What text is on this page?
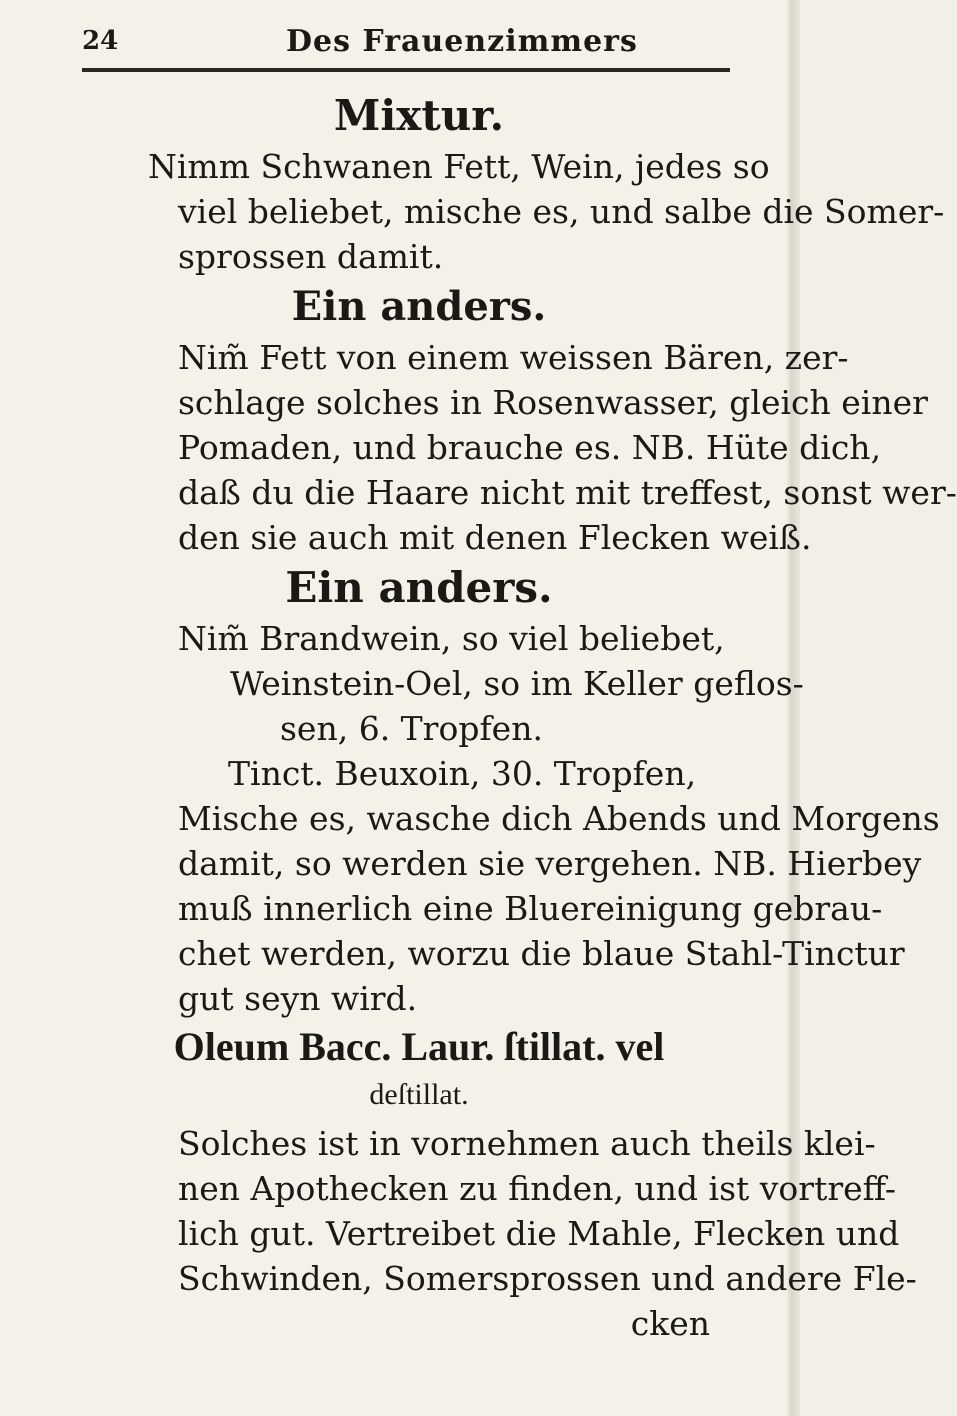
24	Des Frauenzimmers
Mixtur.

Nimm Schwanen Fett, Wein, jedes so
viel beliebet, mische es, und salbe die Somer-
sprossen damit.

Ein anders.

Nim̃ Fett von einem weissen Bären, zer-
schlage solches in Rosenwasser, gleich einer
Pomaden, und brauche es. NB. Hüte dich,
daß du die Haare nicht mit treffest, sonst wer-
den sie auch mit denen Flecken weiß.

Ein anders.

Nim̃ Brandwein, so viel beliebet,
Weinstein-Oel, so im Keller geflos-
sen, 6. Tropfen.
Tinct. Beuxoin, 30. Tropfen,
Mische es, wasche dich Abends und Morgens
damit, so werden sie vergehen. NB. Hierbey
muß innerlich eine Bluereinigung gebrau-
chet werden, worzu die blaue Stahl-Tinctur
gut seyn wird.

Oleum Bacc. Laur. ſtillat. vel

deſtillat.

Solches ist in vornehmen auch theils klei-
nen Apothecken zu finden, und ist vortreff-
lich gut. Vertreibet die Mahle, Flecken und
Schwinden, Somersprossen und andere Fle-
cken
